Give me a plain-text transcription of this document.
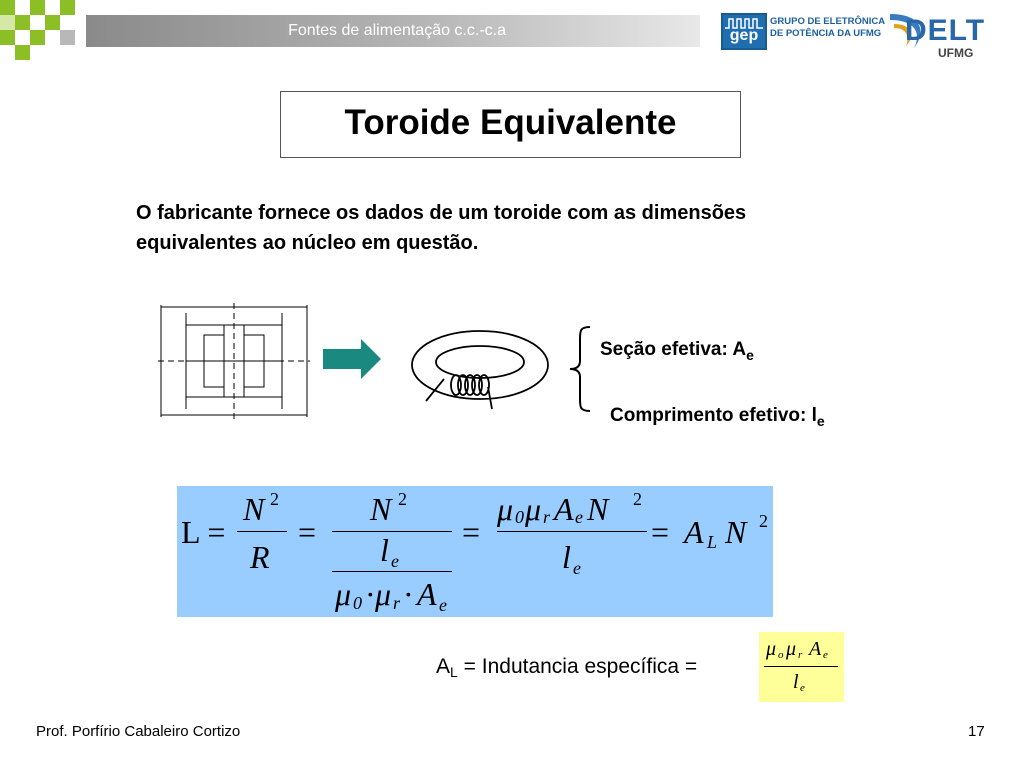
Fontes de alimentação c.c.-c.a	gep
GRUPO DE ELETRÔNICA
DE POTÊNCIA DA UFMG DELT
UFMG
Toroide Equivalente
O fabricante fornece os dados de um toroide com as dimensões
equivalentes ao núcleo em questão.
Seção efetiva: $A_e$
Comprimento efetivo: $l_e$
L =
N 2
R
=
N 2
l e
μ 0 · μ r · A e
=
μ 0 μ r A e N 2
l e
= A L N 2
$A_L$ = Indutancia específica =
μ o μ r A e
l e
Prof. Porfírio Cabaleiro Cortizo	17
